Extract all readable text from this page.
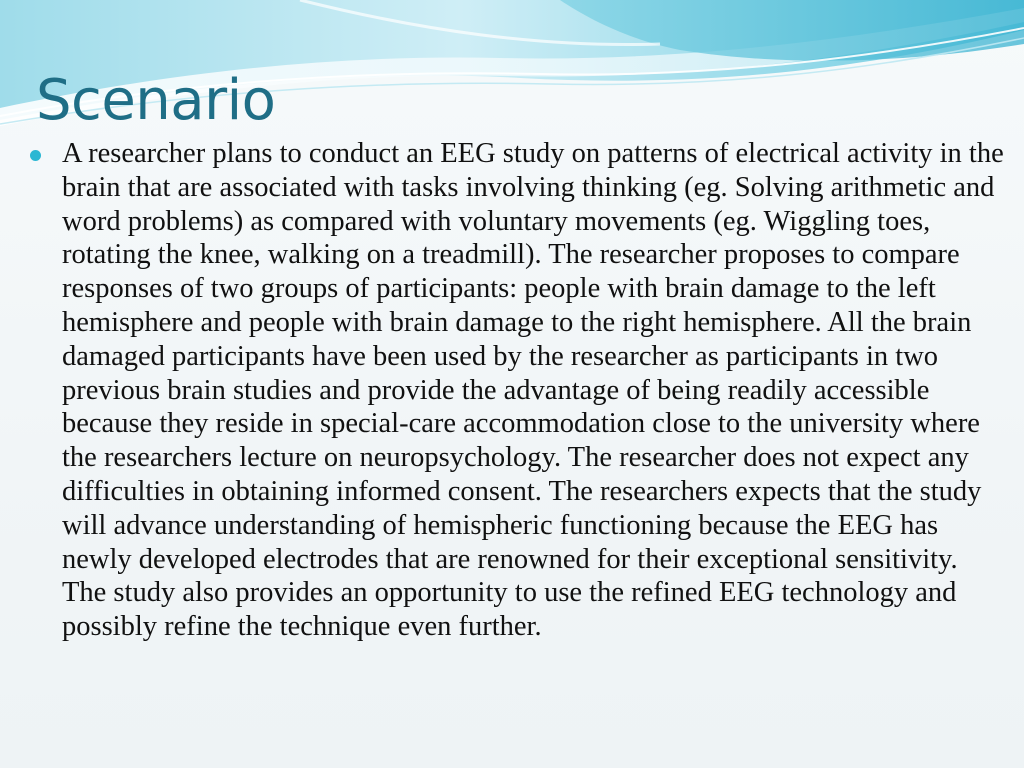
Scenario
A researcher plans to conduct an EEG study on patterns of electrical activity in the brain that are associated with tasks involving thinking (eg. Solving arithmetic and word problems) as compared with voluntary movements (eg. Wiggling toes, rotating the knee, walking on a treadmill). The researcher proposes to compare responses of two groups of participants: people with brain damage to the left hemisphere and people with brain damage to the right hemisphere. All the brain damaged participants have been used by the researcher as participants in two previous brain studies and provide the advantage of being readily accessible because they reside in special-care accommodation close to the university where the researchers lecture on neuropsychology. The researcher does not expect any difficulties in obtaining informed consent. The researchers expects that the study will advance understanding of hemispheric functioning because the EEG has newly developed electrodes that are renowned for their exceptional sensitivity. The study also provides an opportunity to use the refined EEG technology and possibly refine the technique even further.
